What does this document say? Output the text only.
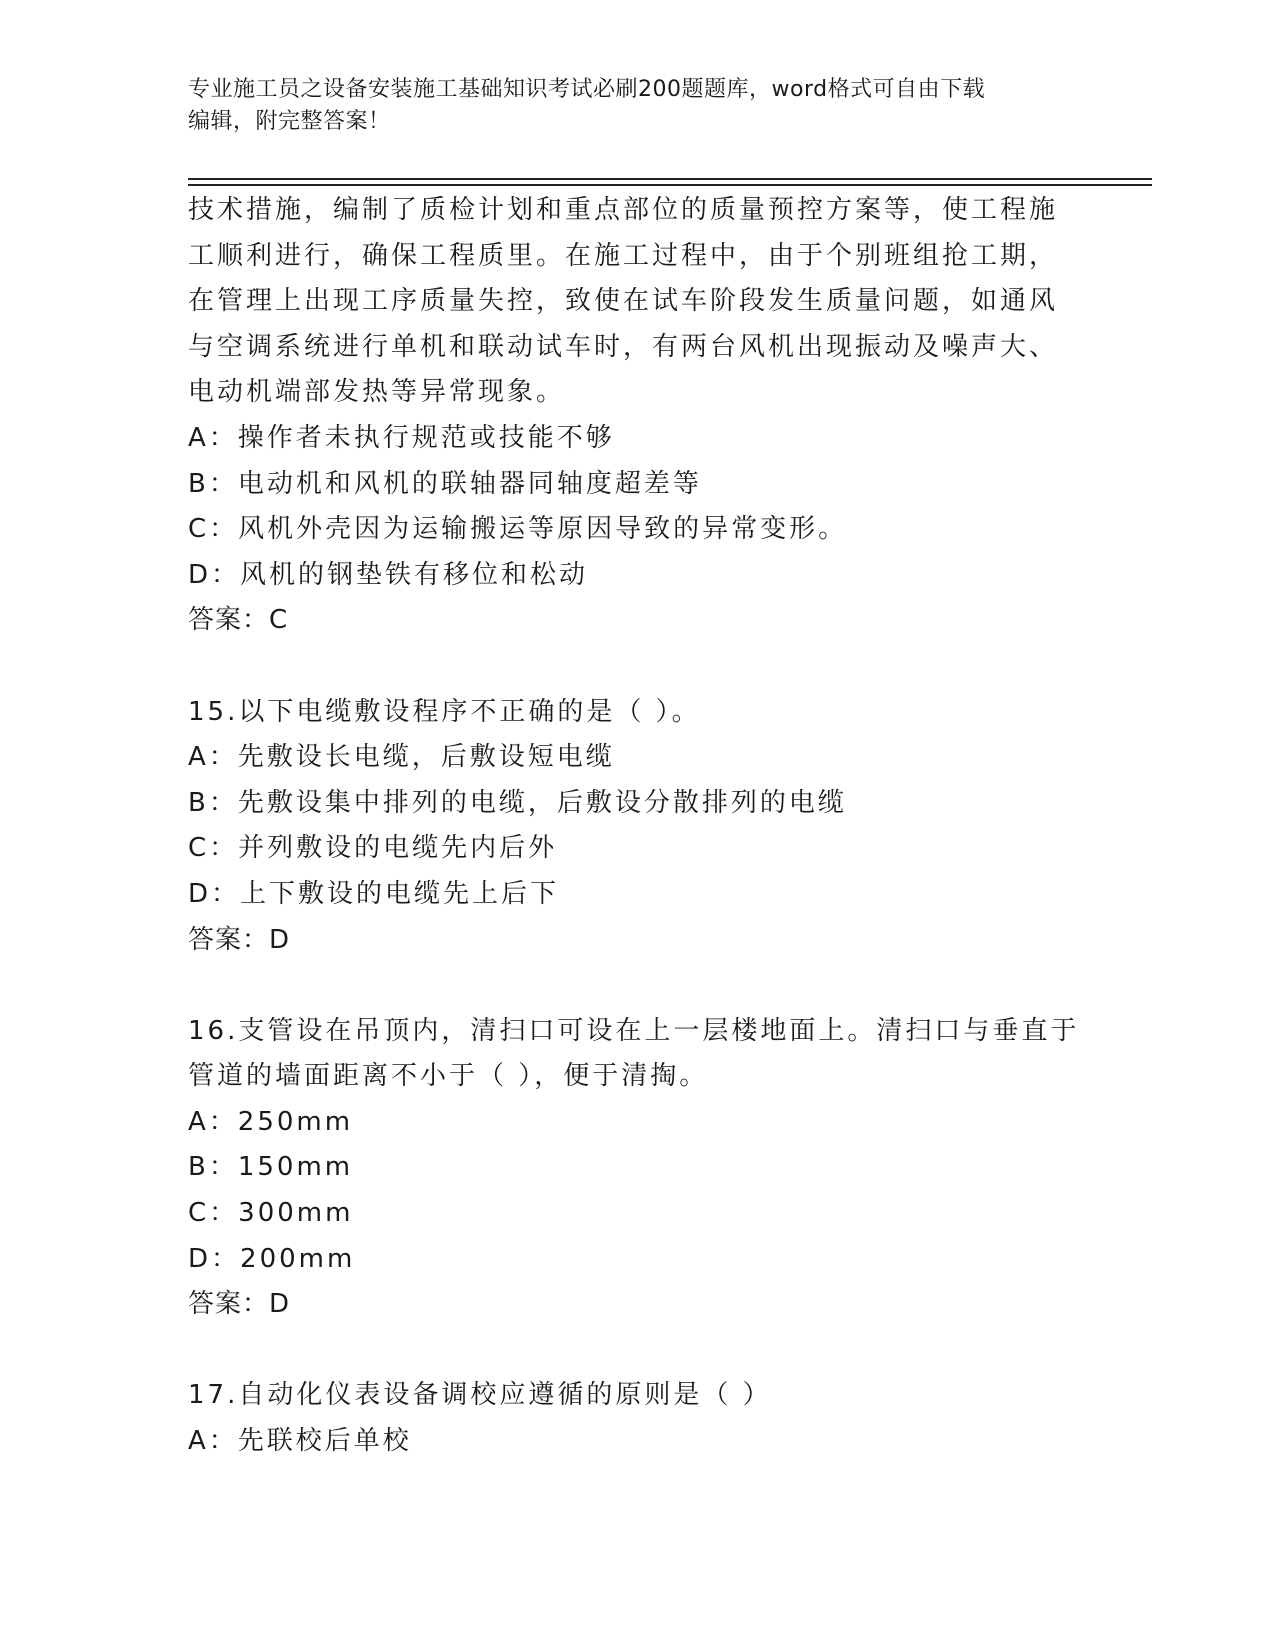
专业施工员之设备安装施工基础知识考试必刷200题题库，word格式可自由下载
编辑，附完整答案！
技术措施，编制了质检计划和重点部位的质量预控方案等，使工程施
工顺利进行，确保工程质里。在施工过程中，由于个别班组抢工期，
在管理上出现工序质量失控，致使在试车阶段发生质量问题，如通风
与空调系统进行单机和联动试车时，有两台风机出现振动及噪声大、
电动机端部发热等异常现象。
A：操作者未执行规范或技能不够
B：电动机和风机的联轴器同轴度超差等
C：风机外壳因为运输搬运等原因导致的异常变形。
D：风机的钢垫铁有移位和松动
答案：C
15.以下电缆敷设程序不正确的是（ ）。
A：先敷设长电缆，后敷设短电缆
B：先敷设集中排列的电缆，后敷设分散排列的电缆
C：并列敷设的电缆先内后外
D：上下敷设的电缆先上后下
答案：D
16.支管设在吊顶内，清扫口可设在上一层楼地面上。清扫口与垂直于
管道的墙面距离不小于（ ），便于清掏。
A：250mm
B：150mm
C：300mm
D：200mm
答案：D
17.自动化仪表设备调校应遵循的原则是（ ）
A：先联校后单校
